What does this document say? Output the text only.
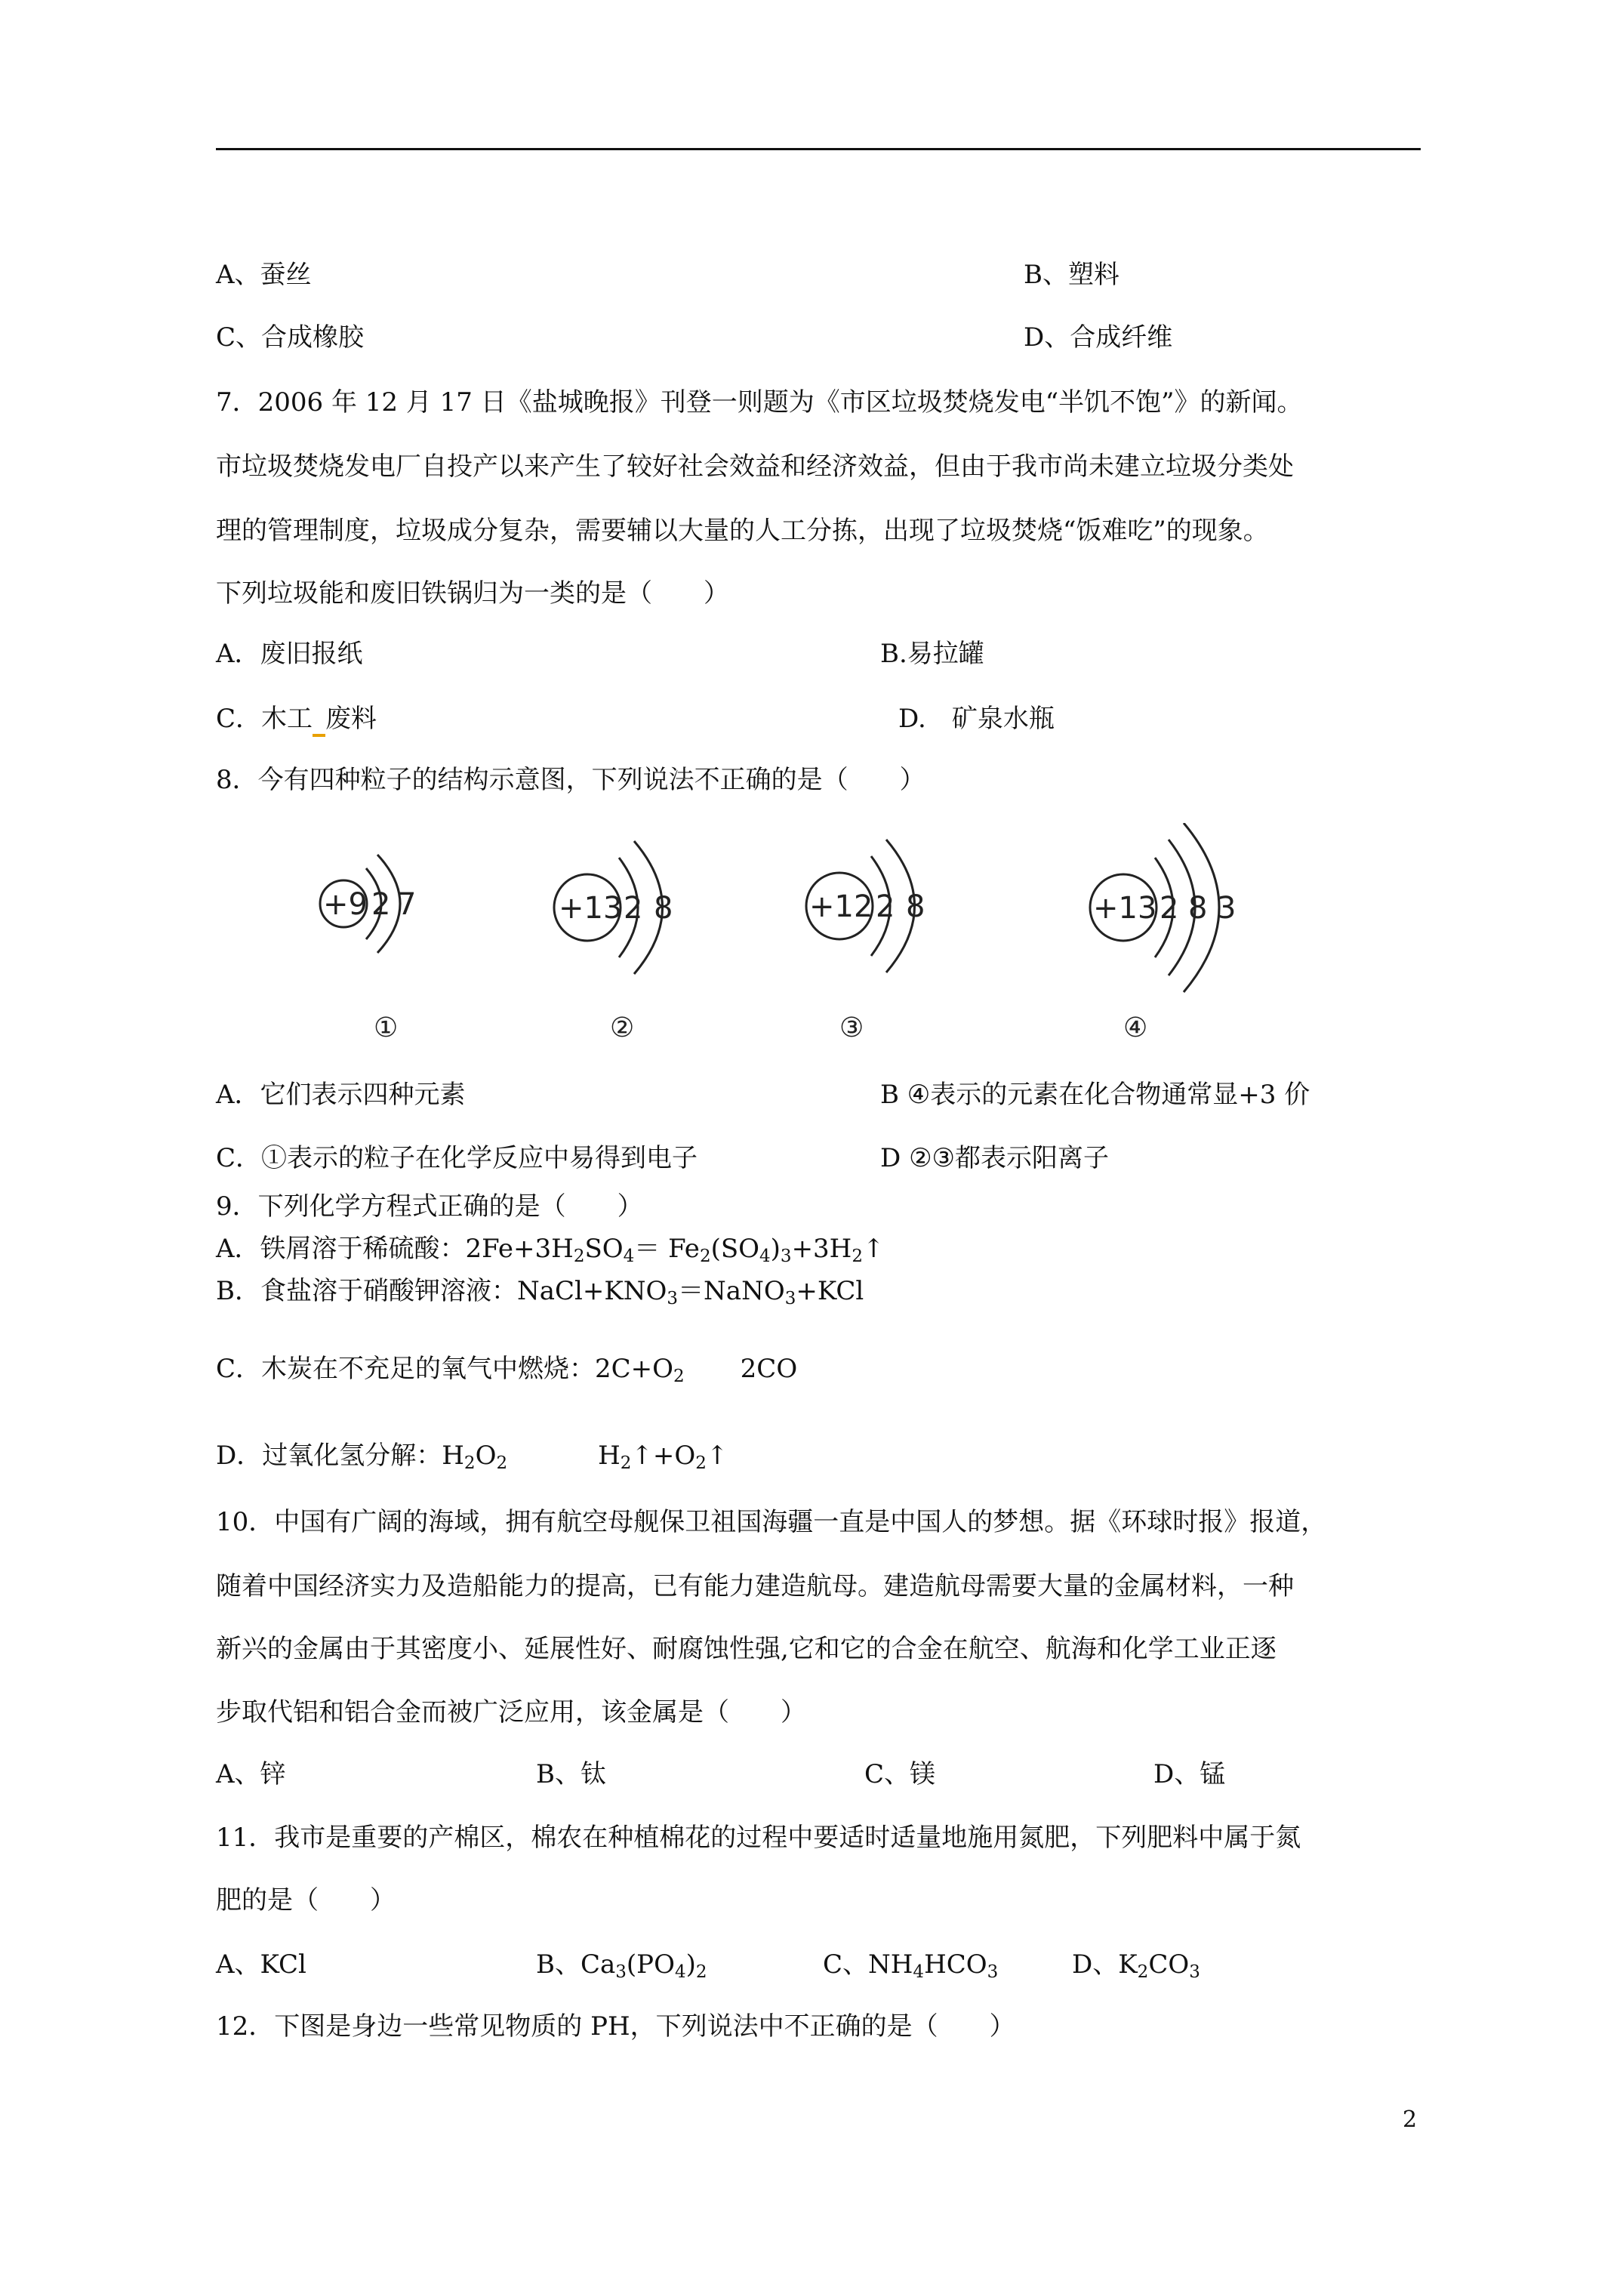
A、蚕丝	B、塑料
C、合成橡胶	D、合成纤维
7．2006 年 12 月 17 日《盐城晚报》刊登一则题为《市区垃圾焚烧发电“半饥不饱”》的新闻。
市垃圾焚烧发电厂自投产以来产生了较好社会效益和经济效益，但由于我市尚未建立垃圾分类处
理的管理制度，垃圾成分复杂，需要辅以大量的人工分拣，出现了垃圾焚烧“饭难吃”的现象。
下列垃圾能和废旧铁锅归为一类的是（　　）
A．废旧报纸	B.易拉罐
C．木工 废料	D.　矿泉水瓶
8．今有四种粒子的结构示意图，下列说法不正确的是（　　）
+9 2 7
①
+13 2 8
②
+12 2 8
③
+13 2 8 3
④
A．它们表示四种元素	B ④表示的元素在化合物通常显+3 价
C．①表示的粒子在化学反应中易得到电子	D ②③都表示阳离子
9．下列化学方程式正确的是（　　）
A．铁屑溶于稀硫酸：$2Fe+3H_2SO_4=$ $Fe_2(SO_4)_3+3H_2↑$
B．食盐溶于硝酸钾溶液：$NaCl+KNO_3=NaNO_3+KCl$
C．木炭在不充足的氧气中燃烧：$2C+O_2$ 2CO
D．过氧化氢分解：$H_2O_2$	$H_2↑+O_2↑$
10．中国有广阔的海域，拥有航空母舰保卫祖国海疆一直是中国人的梦想。据《环球时报》报道，
随着中国经济实力及造船能力的提高，已有能力建造航母。建造航母需要大量的金属材料，一种
新兴的金属由于其密度小、延展性好、耐腐蚀性强,它和它的合金在航空、航海和化学工业正逐
步取代铝和铝合金而被广泛应用，该金属是（　　）
A、锌	B、钛	C、镁	D、锰
11．我市是重要的产棉区，棉农在种植棉花的过程中要适时适量地施用氮肥，下列肥料中属于氮
肥的是（　　）
A、KCl	B、$Ca_3(PO_4)_2$	C、$NH_4HCO_3$	D、$K_2CO_3$
12．下图是身边一些常见物质的 PH，下列说法中不正确的是（　　）
2
